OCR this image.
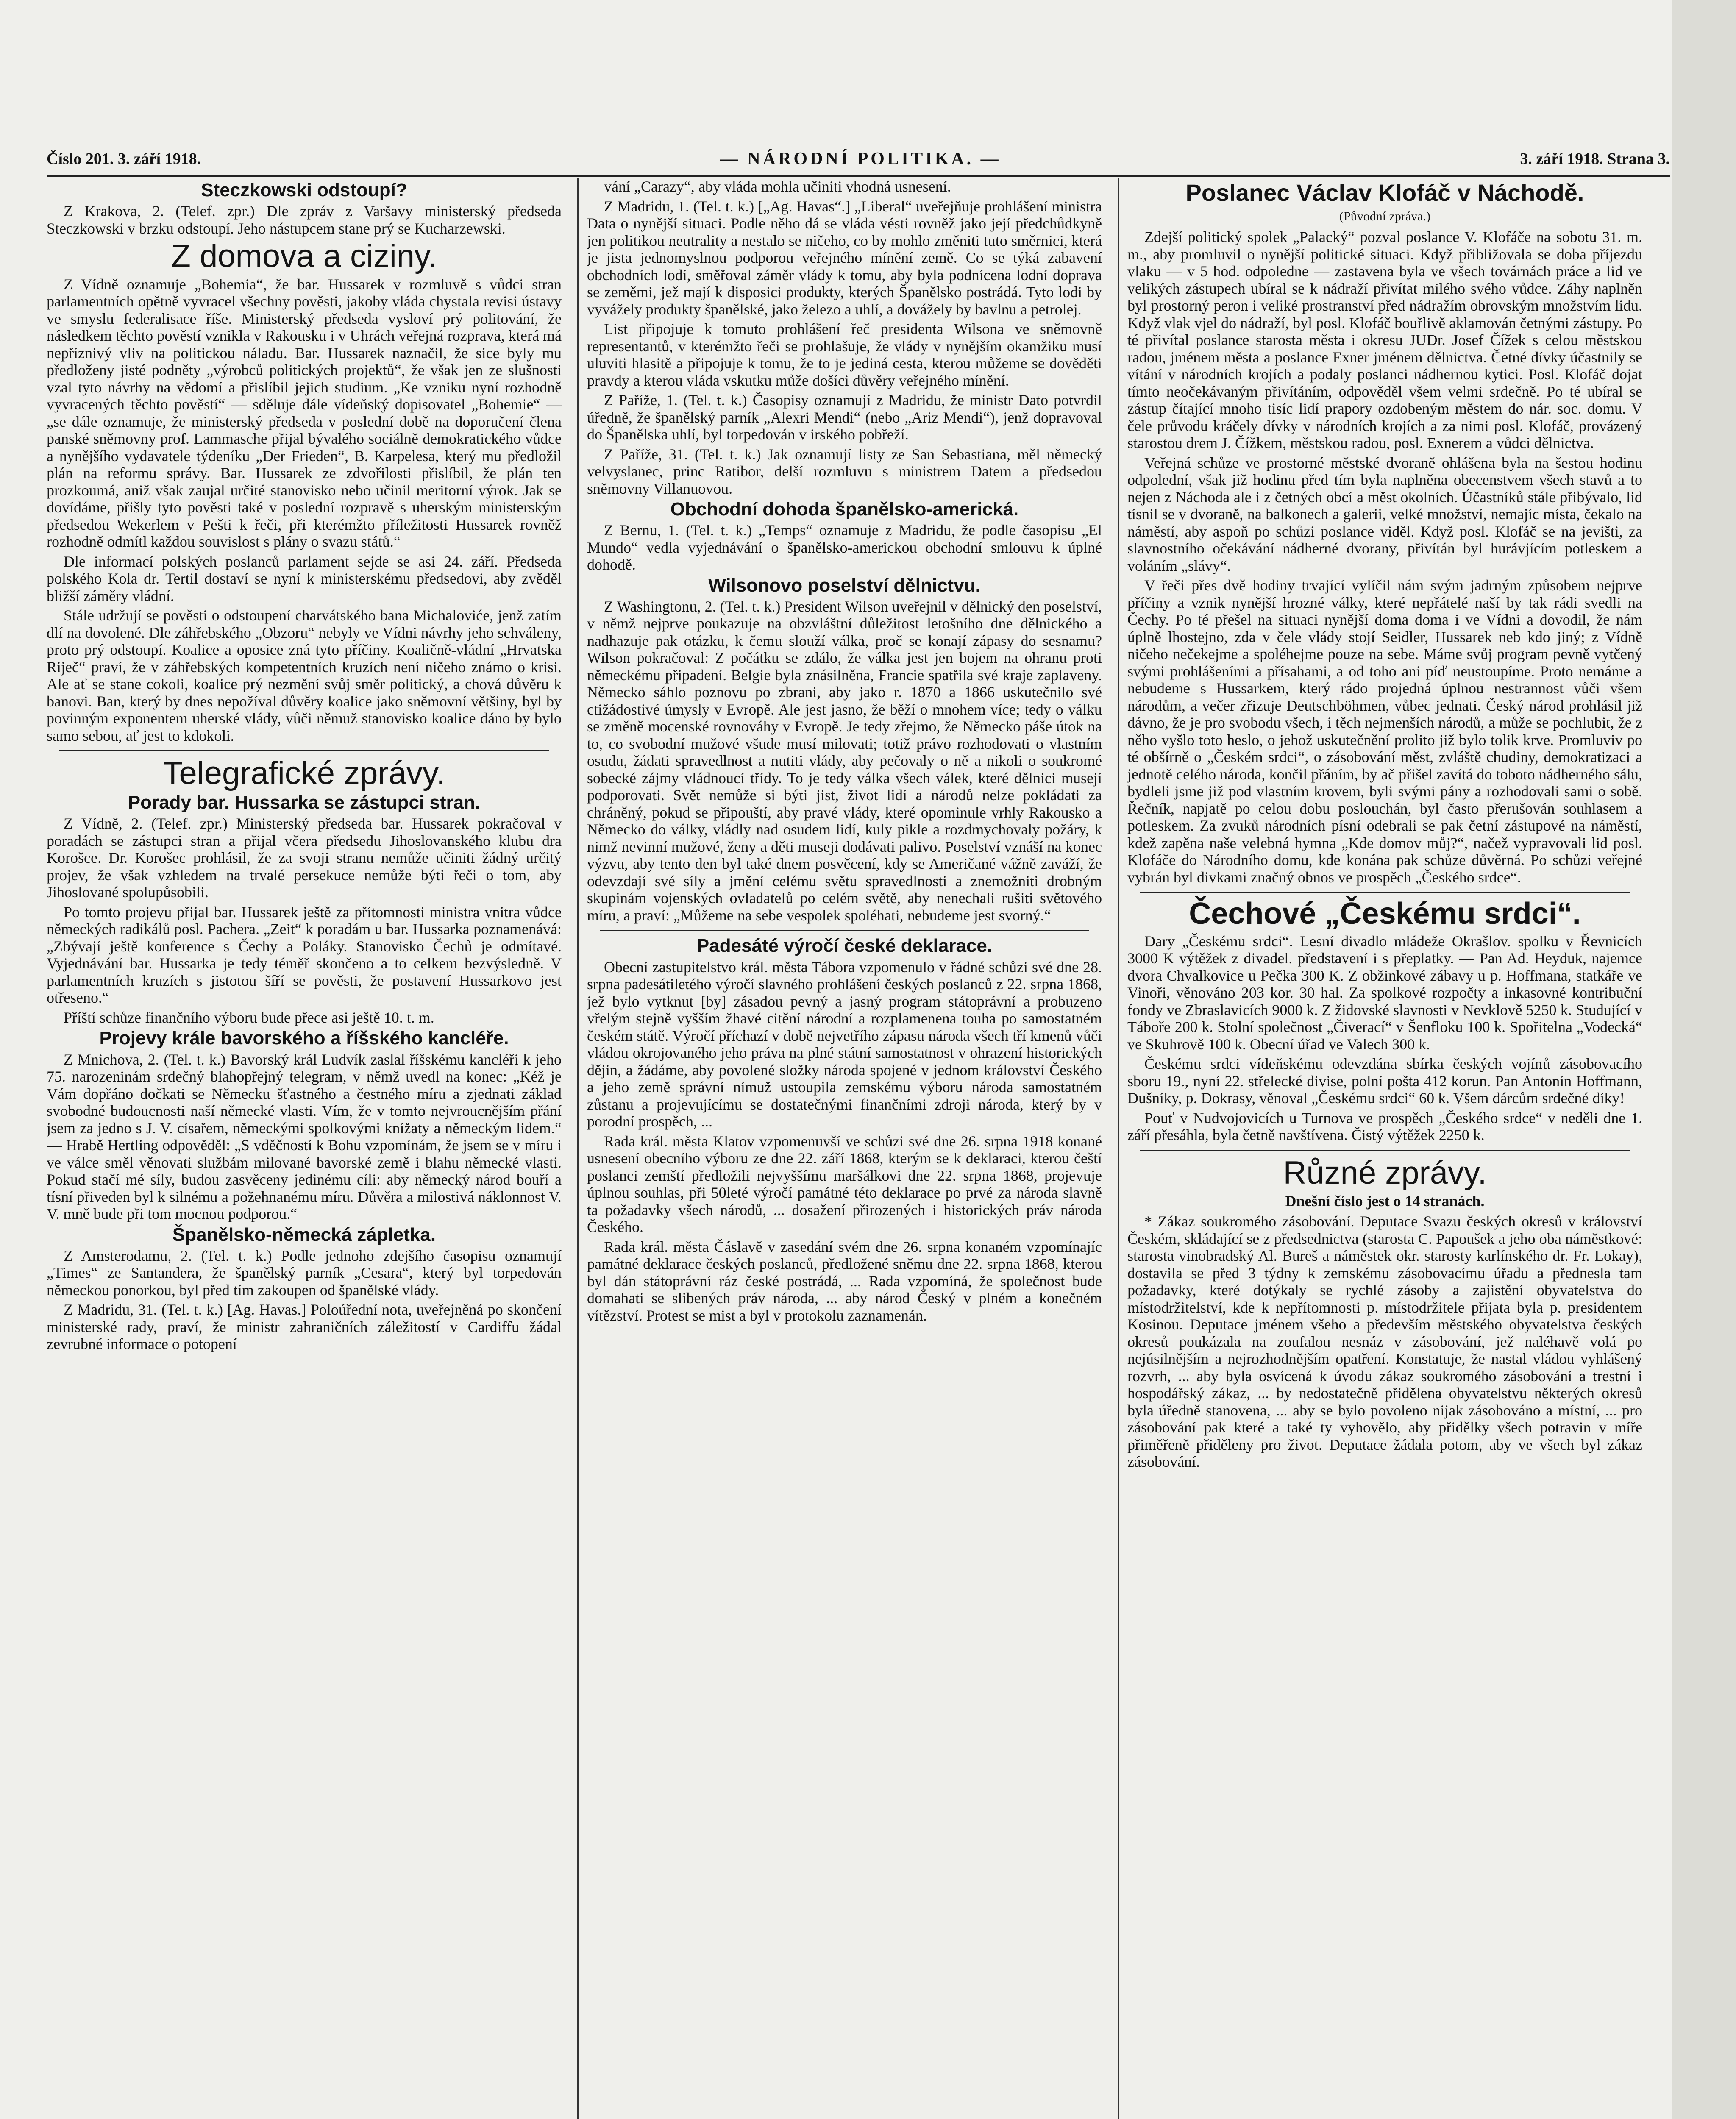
Číslo 201. 3. září 1918.	— NÁRODNÍ POLITIKA. —	3. září 1918. Strana 3.
Steczkowski odstoupí?

Z Krakova, 2. (Telef. zpr.) Dle zpráv z Varšavy ministerský předseda Steczkowski v brzku odstoupí. Jeho nástupcem stane prý se Kucharzewski.

Z domova a ciziny.

Z Vídně oznamuje „Bohemia“, že bar. Hussarek v rozmluvě s vůdci stran parlamentních opětně vyvracel všechny pověsti, jakoby vláda chystala revisi ústavy ve smyslu federalisace říše. Ministerský předseda vysloví prý politování, že následkem těchto pověstí vznikla v Rakousku i v Uhrách veřejná rozprava, která má nepříznivý vliv na politickou náladu. Bar. Hussarek naznačil, že sice byly mu předloženy jisté podněty „výrobců politických projektů“, že však jen ze slušnosti vzal tyto návrhy na vědomí a přislíbil jejich studium. „Ke vzniku nyní rozhodně vyvracených těchto pověstí“ — sděluje dále vídeňský dopisovatel „Bohemie“ — „se dále oznamuje, že ministerský předseda v poslední době na doporučení člena panské sněmovny prof. Lammasche přijal bývalého sociálně demokratického vůdce a nynějšího vydavatele týdeníku „Der Frieden“, B. Karpelesa, který mu předložil plán na reformu správy. Bar. Hussarek ze zdvořilosti přislíbil, že plán ten prozkoumá, aniž však zaujal určité stanovisko nebo učinil meritorní výrok. Jak se dovídáme, přišly tyto pověsti také v poslední rozpravě s uherským ministerským předsedou Wekerlem v Pešti k řeči, při kterémžto příležitosti Hussarek rovněž rozhodně odmítl každou souvislost s plány o svazu států.“

Dle informací polských poslanců parlament sejde se asi 24. září. Předseda polského Kola dr. Tertil dostaví se nyní k ministerskému předsedovi, aby zvěděl bližší záměry vládní.

Stále udržují se pověsti o odstoupení charvátského bana Michaloviće, jenž zatím dlí na dovolené. Dle záhřebského „Obzoru“ nebyly ve Vídni návrhy jeho schváleny, proto prý odstoupí. Koalice a oposice zná tyto příčiny. Koaličně-vládní „Hrvatska Riječ“ praví, že v záhřebských kompetentních kruzích není ničeho známo o krisi. Ale ať se stane cokoli, koalice prý nezmění svůj směr politický, a chová důvěru k banovi. Ban, který by dnes nepožíval důvěry koalice jako sněmovní většiny, byl by povinným exponentem uherské vlády, vůči němuž stanovisko koalice dáno by bylo samo sebou, ať jest to kdokoli.

Telegrafické zprávy.
Porady bar. Hussarka se zástupci stran.

Z Vídně, 2. (Telef. zpr.) Ministerský předseda bar. Hussarek pokračoval v poradách se zástupci stran a přijal včera předsedu Jihoslovanského klubu dra Korošce. Dr. Korošec prohlásil, že za svoji stranu nemůže učiniti žádný určitý projev, že však vzhledem na trvalé persekuce nemůže býti řeči o tom, aby Jihoslované spolupůsobili.

Po tomto projevu přijal bar. Hussarek ještě za přítomnosti ministra vnitra vůdce německých radikálů posl. Pachera. „Zeit“ k poradám u bar. Hussarka poznamenává: „Zbývají ještě konference s Čechy a Poláky. Stanovisko Čechů je odmítavé. Vyjednávání bar. Hussarka je tedy téměř skončeno a to celkem bezvýsledně. V parlamentních kruzích s jistotou šíří se pověsti, že postavení Hussarkovo jest otřeseno.“

Příští schůze finančního výboru bude přece asi ještě 10. t. m.

Projevy krále bavorského a říšského kancléře.

Z Mnichova, 2. (Tel. t. k.) Bavorský král Ludvík zaslal říšskému kancléři k jeho 75. narozeninám srdečný blahopřejný telegram, v němž uvedl na konec: „Kéž je Vám dopřáno dočkati se Německu šťastného a čestného míru a zjednati základ svobodné budoucnosti naší německé vlasti. Vím, že v tomto nejvroucnějším přání jsem za jedno s J. V. císařem, německými spolkovými knížaty a německým lidem.“ — Hrabě Hertling odpověděl: „S vděčností k Bohu vzpomínám, že jsem se v míru i ve válce směl věnovati službám milované bavorské země i blahu německé vlasti. Pokud stačí mé síly, budou zasvěceny jedinému cíli: aby německý národ bouří a tísní přiveden byl k silnému a požehnanému míru. Důvěra a milostivá náklonnost V. V. mně bude při tom mocnou podporou.“

Španělsko-německá zápletka.

Z Amsterodamu, 2. (Tel. t. k.) Podle jednoho zdejšího časopisu oznamují „Times“ ze Santandera, že španělský parník „Cesara“, který byl torpedován německou ponorkou, byl před tím zakoupen od španělské vlády.

Z Madridu, 31. (Tel. t. k.) [Ag. Havas.] Poloúřední nota, uveřejněná po skončení ministerské rady, praví, že ministr zahraničních záležitostí v Cardiffu žádal zevrubné informace o potopení

vání „Carazy“, aby vláda mohla učiniti vhodná usnesení.

Z Madridu, 1. (Tel. t. k.) [„Ag. Havas“.] „Liberal“ uveřejňuje prohlášení ministra Data o nynější situaci. Podle něho dá se vláda vésti rovněž jako její předchůdkyně jen politikou neutrality a nestalo se ničeho, co by mohlo změniti tuto směrnici, která je jista jednomyslnou podporou veřejného mínění země. Co se týká zabavení obchodních lodí, směřoval záměr vlády k tomu, aby byla podnícena lodní doprava se zeměmi, jež mají k disposici produkty, kterých Španělsko postrádá. Tyto lodi by vyvážely produkty španělské, jako železo a uhlí, a dovážely by bavlnu a petrolej.

List připojuje k tomuto prohlášení řeč presidenta Wilsona ve sněmovně representantů, v kterémžto řeči se prohlašuje, že vlády v nynějším okamžiku musí uluviti hlasitě a připojuje k tomu, že to je jediná cesta, kterou můžeme se dověděti pravdy a kterou vláda vskutku může došíci důvěry veřejného mínění.

Z Paříže, 1. (Tel. t. k.) Časopisy oznamují z Madridu, že ministr Dato potvrdil úředně, že španělský parník „Alexri Mendi“ (nebo „Ariz Mendi“), jenž dopravoval do Španělska uhlí, byl torpedován v irského pobřeží.

Z Paříže, 31. (Tel. t. k.) Jak oznamují listy ze San Sebastiana, měl německý velvyslanec, princ Ratibor, delší rozmluvu s ministrem Datem a předsedou sněmovny Villanuovou.

Obchodní dohoda španělsko-americká.

Z Bernu, 1. (Tel. t. k.) „Temps“ oznamuje z Madridu, že podle časopisu „El Mundo“ vedla vyjednávání o španělsko-americkou obchodní smlouvu k úplné dohodě.

Wilsonovo poselství dělnictvu.

Z Washingtonu, 2. (Tel. t. k.) President Wilson uveřejnil v dělnický den poselství, v němž nejprve poukazuje na obzvláštní důležitost letošního dne dělnického a nadhazuje pak otázku, k čemu slouží válka, proč se konají zápasy do sesnamu? Wilson pokračoval: Z počátku se zdálo, že válka jest jen bojem na ohranu proti německému připadení. Belgie byla znásilněna, Francie spatřila své kraje zaplaveny. Německo sáhlo poznovu po zbrani, aby jako r. 1870 a 1866 uskutečnilo své ctižádostivé úmysly v Evropě. Ale jest jasno, že běží o mnohem více; tedy o válku se změně mocenské rovnováhy v Evropě. Je tedy zřejmo, že Německo páše útok na to, co svobodní mužové všude musí milovati; totiž právo rozhodovati o vlastním osudu, žádati spravedlnost a nutiti vlády, aby pečovaly o ně a nikoli o soukromé sobecké zájmy vládnoucí třídy. To je tedy válka všech válek, které dělnici musejí podporovati. Svět nemůže si býti jist, život lidí a národů nelze pokládati za chráněný, pokud se připouští, aby pravé vlády, které opominule vrhly Rakousko a Německo do války, vládly nad osudem lidí, kuly pikle a rozdmychovaly požáry, k nimž nevinní mužové, ženy a děti museji dodávati palivo. Poselství vznáší na konec výzvu, aby tento den byl také dnem posvěcení, kdy se Američané vážně zaváží, že odevzdají své síly a jmění celému světu spravedlnosti a znemožniti drobným skupinám vojenských ovladatelů po celém světě, aby nenechali rušiti světového míru, a praví: „Můžeme na sebe vespolek spoléhati, nebudeme jest svorný.“

Padesáté výročí české deklarace.

Obecní zastupitelstvo král. města Tábora vzpomenulo v řádné schůzi své dne 28. srpna padesátiletého výročí slavného prohlášení českých poslanců z 22. srpna 1868, jež bylo vytknut [by] zásadou pevný a jasný program státoprávní a probuzeno vřelým stejně vyšším žhavé citění národní a rozplamenena touha po samostatném českém státě. Výročí příchazí v době nejvetřího zápasu národa všech tří kmenů vůči vládou okrojovaného jeho práva na plné státní samostatnost v ohrazení historických dějin, a žádáme, aby povolené složky národa spojené v jednom království Českého a jeho země správní nímuž ustoupila zemskému výboru národa samostatném zůstanu a projevujícímu se dostatečnými finančními zdroji národa, který by v porodní prospěch, ...

Rada král. města Klatov vzpomenuvší ve schůzi své dne 26. srpna 1918 konané usnesení obecního výboru ze dne 22. září 1868, kterým se k deklaraci, kterou čeští poslanci zemští předložili nejvyššímu maršálkovi dne 22. srpna 1868, projevuje úplnou souhlas, při 50leté výročí památné této deklarace po prvé za národa slavně ta požadavky všech národů, ... dosažení přirozených i historických práv národa Českého.

Rada král. města Čáslavě v zasedání svém dne 26. srpna konaném vzpomínajíc památné deklarace českých poslanců, předložené sněmu dne 22. srpna 1868, kterou byl dán státoprávní ráz české postrádá, ... Rada vzpomíná, že společnost bude domahati se slibených práv národa, ... aby národ Český v plném a konečném vítězství. Protest se mist a byl v protokolu zaznamenán.

Poslanec Václav Klofáč v Náchodě.
(Původní zpráva.)

Zdejší politický spolek „Palacký“ pozval poslance V. Klofáče na sobotu 31. m. m., aby promluvil o nynější politické situaci. Když přibližovala se doba příjezdu vlaku — v 5 hod. odpoledne — zastavena byla ve všech továrnách práce a lid ve velikých zástupech ubíral se k nádraží přivítat milého svého vůdce. Záhy naplněn byl prostorný peron i veliké prostranství před nádražím obrovským množstvím lidu. Když vlak vjel do nádraží, byl posl. Klofáč bouřlivě aklamován četnými zástupy. Po té přivítal poslance starosta města i okresu JUDr. Josef Čížek s celou městskou radou, jménem města a poslance Exner jménem dělnictva. Četné dívky účastnily se vítání v národních krojích a podaly poslanci nádhernou kytici. Posl. Klofáč dojat tímto neočekávaným přivítáním, odpověděl všem velmi srdečně. Po té ubíral se zástup čítající mnoho tisíc lidí prapory ozdobeným městem do nár. soc. domu. V čele průvodu kráčely dívky v národních krojích a za nimi posl. Klofáč, provázený starostou drem J. Čížkem, městskou radou, posl. Exnerem a vůdci dělnictva.

Veřejná schůze ve prostorné městské dvoraně ohlášena byla na šestou hodinu odpolední, však již hodinu před tím byla naplněna obecenstvem všech stavů a to nejen z Náchoda ale i z četných obcí a měst okolních. Účastníků stále přibývalo, lid tísnil se v dvoraně, na balkonech a galerii, velké množství, nemajíc místa, čekalo na náměstí, aby aspoň po schůzi poslance viděl. Když posl. Klofáč se na jevišti, za slavnostního očekávání nádherné dvorany, přivítán byl hurávjícím potleskem a voláním „slávy“.

V řeči přes dvě hodiny trvající vylíčil nám svým jadrným způsobem nejprve příčiny a vznik nynější hrozné války, které nepřátelé naší by tak rádi svedli na Čechy. Po té přešel na situaci nynější doma doma i ve Vídni a dovodil, že nám úplně lhostejno, zda v čele vlády stojí Seidler, Hussarek neb kdo jiný; z Vídně ničeho nečekejme a spoléhejme pouze na sebe. Máme svůj program pevně vytčený svými prohlášeními a přísahami, a od toho ani píď neustoupíme. Proto nemáme a nebudeme s Hussarkem, který rádo projedná úplnou nestrannost vůči všem národům, a večer zřizuje Deutschböhmen, vůbec jednati. Český národ prohlásil již dávno, že je pro svobodu všech, i těch nejmenších národů, a může se pochlubit, že z něho vyšlo toto heslo, o jehož uskutečnění prolito již bylo tolik krve. Promluviv po té obšírně o „Českém srdci“, o zásobování měst, zvláště chudiny, demokratizaci a jednotě celého národa, končil přáním, by ač přišel zavítá do toboto nádherného sálu, bydleli jsme již pod vlastním krovem, byli svými pány a rozhodovali sami o sobě. Řečník, napjatě po celou dobu poslouchán, byl často přerušován souhlasem a potleskem. Za zvuků národních písní odebrali se pak četní zástupové na náměstí, kdež zapěna naše velebná hymna „Kde domov můj?“, načež vypravovali lid posl. Klofáče do Národního domu, kde konána pak schůze důvěrná. Po schůzi veřejné vybrán byl divkami značný obnos ve prospěch „Českého srdce“.

Čechové „Českému srdci“.

Dary „Českému srdci“. Lesní divadlo mládeže Okrašlov. spolku v Řevnicích 3000 K výtěžek z divadel. představení i s přeplatky. — Pan Ad. Heyduk, najemce dvora Chvalkovice u Pečka 300 K. Z obžinkové zábavy u p. Hoffmana, statkáře ve Vinoři, věnováno 203 kor. 30 hal. Za spolkové rozpočty a inkasovné kontribuční fondy ve Zbraslavicích 9000 k. Z židovské slavnosti v Nevklově 5250 k. Studující v Táboře 200 k. Stolní společnost „Čiverací“ v Šenfloku 100 k. Spořitelna „Vodecká“ ve Skuhrově 100 k. Obecní úřad ve Valech 300 k.

Českému srdci vídeňskému odevzdána sbírka českých vojínů zásobovacího sboru 19., nyní 22. střelecké divise, polní pošta 412 korun. Pan Antonín Hoffmann, Dušníky, p. Dokrasy, věnoval „Českému srdci“ 60 k. Všem dárcům srdečné díky!

Pouť v Nudvojovicích u Turnova ve prospěch „Českého srdce“ v neděli dne 1. září přesáhla, byla četně navštívena. Čistý výtěžek 2250 k.

Různé zprávy.
Dnešní číslo jest o 14 stranách.

* Zákaz soukromého zásobování. Deputace Svazu českých okresů v království Českém, skládající se z předsednictva (starosta C. Papoušek a jeho oba náměstkové: starosta vinobradský Al. Bureš a náměstek okr. starosty karlínského dr. Fr. Lokay), dostavila se před 3 týdny k zemskému zásobovacímu úřadu a přednesla tam požadavky, které dotýkaly se rychlé zásoby a zajistění obyvatelstva do místodržitelství, kde k nepřítomnosti p. místodržitele přijata byla p. presidentem Kosinou. Deputace jménem všeho a především městského obyvatelstva českých okresů poukázala na zoufalou nesnáz v zásobování, jež naléhavě volá po nejúsilnějším a nejrozhodnějším opatření. Konstatuje, že nastal vládou vyhlášený rozvrh, ... aby byla osvícená k úvodu zákaz soukromého zásobování a trestní i hospodářský zákaz, ... by nedostatečně přidělena obyvatelstvu některých okresů byla úředně stanovena, ... aby se bylo povoleno nijak zásobováno a místní, ... pro zásobování pak které a také ty vyhovělo, aby přidělky všech potravin v míře přiměřeně přiděleny pro život. Deputace žádala potom, aby ve všech byl zákaz zásobování.
